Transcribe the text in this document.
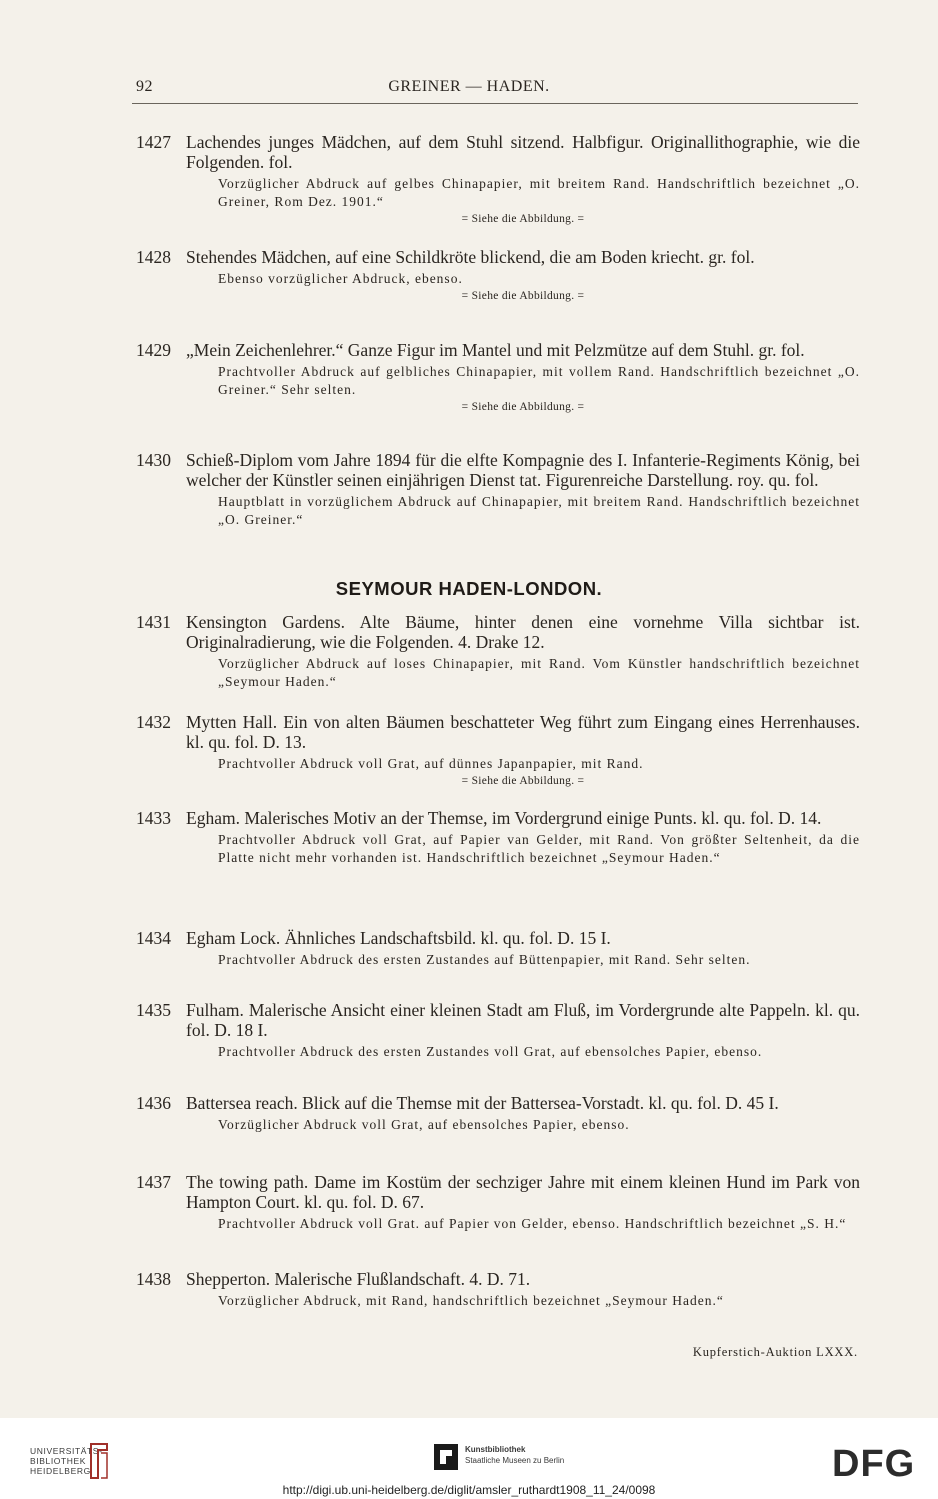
92	GREINER — HADEN.
1427 Lachendes junges Mädchen, auf dem Stuhl sitzend. Halbfigur. Originallithographie, wie die Folgenden. fol.
Vorzüglicher Abdruck auf gelbes Chinapapier, mit breitem Rand. Handschriftlich bezeichnet „O. Greiner, Rom Dez. 1901.“
= Siehe die Abbildung. =
1428 Stehendes Mädchen, auf eine Schildkröte blickend, die am Boden kriecht. gr. fol.
Ebenso vorzüglicher Abdruck, ebenso.
= Siehe die Abbildung. =
1429 „Mein Zeichenlehrer.“ Ganze Figur im Mantel und mit Pelzmütze auf dem Stuhl. gr. fol.
Prachtvoller Abdruck auf gelbliches Chinapapier, mit vollem Rand. Handschriftlich bezeichnet „O. Greiner.“ Sehr selten.
= Siehe die Abbildung. =
1430 Schieß-Diplom vom Jahre 1894 für die elfte Kompagnie des I. Infanterie-Regiments König, bei welcher der Künstler seinen einjährigen Dienst tat. Figurenreiche Darstellung. roy. qu. fol.
Hauptblatt in vorzüglichem Abdruck auf Chinapapier, mit breitem Rand. Handschriftlich bezeichnet „O. Greiner.“
SEYMOUR HADEN-LONDON.
1431 Kensington Gardens. Alte Bäume, hinter denen eine vornehme Villa sichtbar ist. Originalradierung, wie die Folgenden. 4. Drake 12.
Vorzüglicher Abdruck auf loses Chinapapier, mit Rand. Vom Künstler handschriftlich bezeichnet „Seymour Haden.“
1432 Mytten Hall. Ein von alten Bäumen beschatteter Weg führt zum Eingang eines Herrenhauses. kl. qu. fol. D. 13.
Prachtvoller Abdruck voll Grat, auf dünnes Japanpapier, mit Rand.
= Siehe die Abbildung. =
1433 Egham. Malerisches Motiv an der Themse, im Vordergrund einige Punts. kl. qu. fol. D. 14.
Prachtvoller Abdruck voll Grat, auf Papier van Gelder, mit Rand. Von größter Seltenheit, da die Platte nicht mehr vorhanden ist. Handschriftlich bezeichnet „Seymour Haden.“
1434 Egham Lock. Ähnliches Landschaftsbild. kl. qu. fol. D. 15 I.
Prachtvoller Abdruck des ersten Zustandes auf Büttenpapier, mit Rand. Sehr selten.
1435 Fulham. Malerische Ansicht einer kleinen Stadt am Fluß, im Vordergrunde alte Pappeln. kl. qu. fol. D. 18 I.
Prachtvoller Abdruck des ersten Zustandes voll Grat, auf ebensolches Papier, ebenso.
1436 Battersea reach. Blick auf die Themse mit der Battersea-Vorstadt. kl. qu. fol. D. 45 I.
Vorzüglicher Abdruck voll Grat, auf ebensolches Papier, ebenso.
1437 The towing path. Dame im Kostüm der sechziger Jahre mit einem kleinen Hund im Park von Hampton Court. kl. qu. fol. D. 67.
Prachtvoller Abdruck voll Grat. auf Papier von Gelder, ebenso. Handschriftlich bezeichnet „S. H.“
1438 Shepperton. Malerische Flußlandschaft. 4. D. 71.
Vorzüglicher Abdruck, mit Rand, handschriftlich bezeichnet „Seymour Haden.“
Kupferstich-Auktion LXXX.
UNIVERSITÄTS-
BIBLIOTHEK
HEIDELBERG
Kunstbibliothek
Staatliche Museen zu Berlin	DFG
http://digi.ub.uni-heidelberg.de/diglit/amsler_ruthardt1908_11_24/0098
